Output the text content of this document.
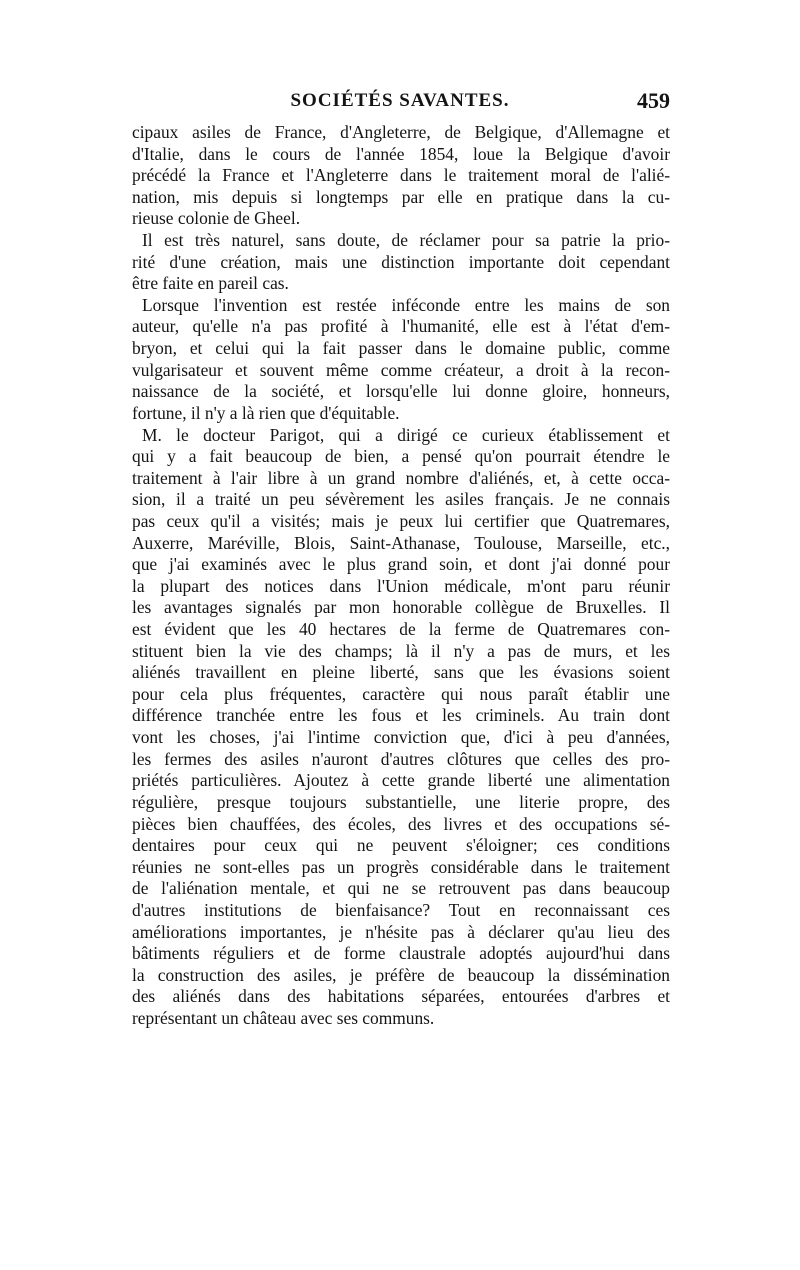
SOCIÉTÉS SAVANTES.	459
cipaux asiles de France, d'Angleterre, de Belgique, d'Allemagne et
d'Italie, dans le cours de l'année 1854, loue la Belgique d'avoir
précédé la France et l'Angleterre dans le traitement moral de l'alié-
nation, mis depuis si longtemps par elle en pratique dans la cu-
rieuse colonie de Gheel.
Il est très naturel, sans doute, de réclamer pour sa patrie la prio-
rité d'une création, mais une distinction importante doit cependant
être faite en pareil cas.
Lorsque l'invention est restée inféconde entre les mains de son
auteur, qu'elle n'a pas profité à l'humanité, elle est à l'état d'em-
bryon, et celui qui la fait passer dans le domaine public, comme
vulgarisateur et souvent même comme créateur, a droit à la recon-
naissance de la société, et lorsqu'elle lui donne gloire, honneurs,
fortune, il n'y a là rien que d'équitable.
M. le docteur Parigot, qui a dirigé ce curieux établissement et
qui y a fait beaucoup de bien, a pensé qu'on pourrait étendre le
traitement à l'air libre à un grand nombre d'aliénés, et, à cette occa-
sion, il a traité un peu sévèrement les asiles français. Je ne connais
pas ceux qu'il a visités; mais je peux lui certifier que Quatremares,
Auxerre, Maréville, Blois, Saint-Athanase, Toulouse, Marseille, etc.,
que j'ai examinés avec le plus grand soin, et dont j'ai donné pour
la plupart des notices dans l'Union médicale, m'ont paru réunir
les avantages signalés par mon honorable collègue de Bruxelles. Il
est évident que les 40 hectares de la ferme de Quatremares con-
stituent bien la vie des champs; là il n'y a pas de murs, et les
aliénés travaillent en pleine liberté, sans que les évasions soient
pour cela plus fréquentes, caractère qui nous paraît établir une
différence tranchée entre les fous et les criminels. Au train dont
vont les choses, j'ai l'intime conviction que, d'ici à peu d'années,
les fermes des asiles n'auront d'autres clôtures que celles des pro-
priétés particulières. Ajoutez à cette grande liberté une alimentation
régulière, presque toujours substantielle, une literie propre, des
pièces bien chauffées, des écoles, des livres et des occupations sé-
dentaires pour ceux qui ne peuvent s'éloigner; ces conditions
réunies ne sont-elles pas un progrès considérable dans le traitement
de l'aliénation mentale, et qui ne se retrouvent pas dans beaucoup
d'autres institutions de bienfaisance? Tout en reconnaissant ces
améliorations importantes, je n'hésite pas à déclarer qu'au lieu des
bâtiments réguliers et de forme claustrale adoptés aujourd'hui dans
la construction des asiles, je préfère de beaucoup la dissémination
des aliénés dans des habitations séparées, entourées d'arbres et
représentant un château avec ses communs.
